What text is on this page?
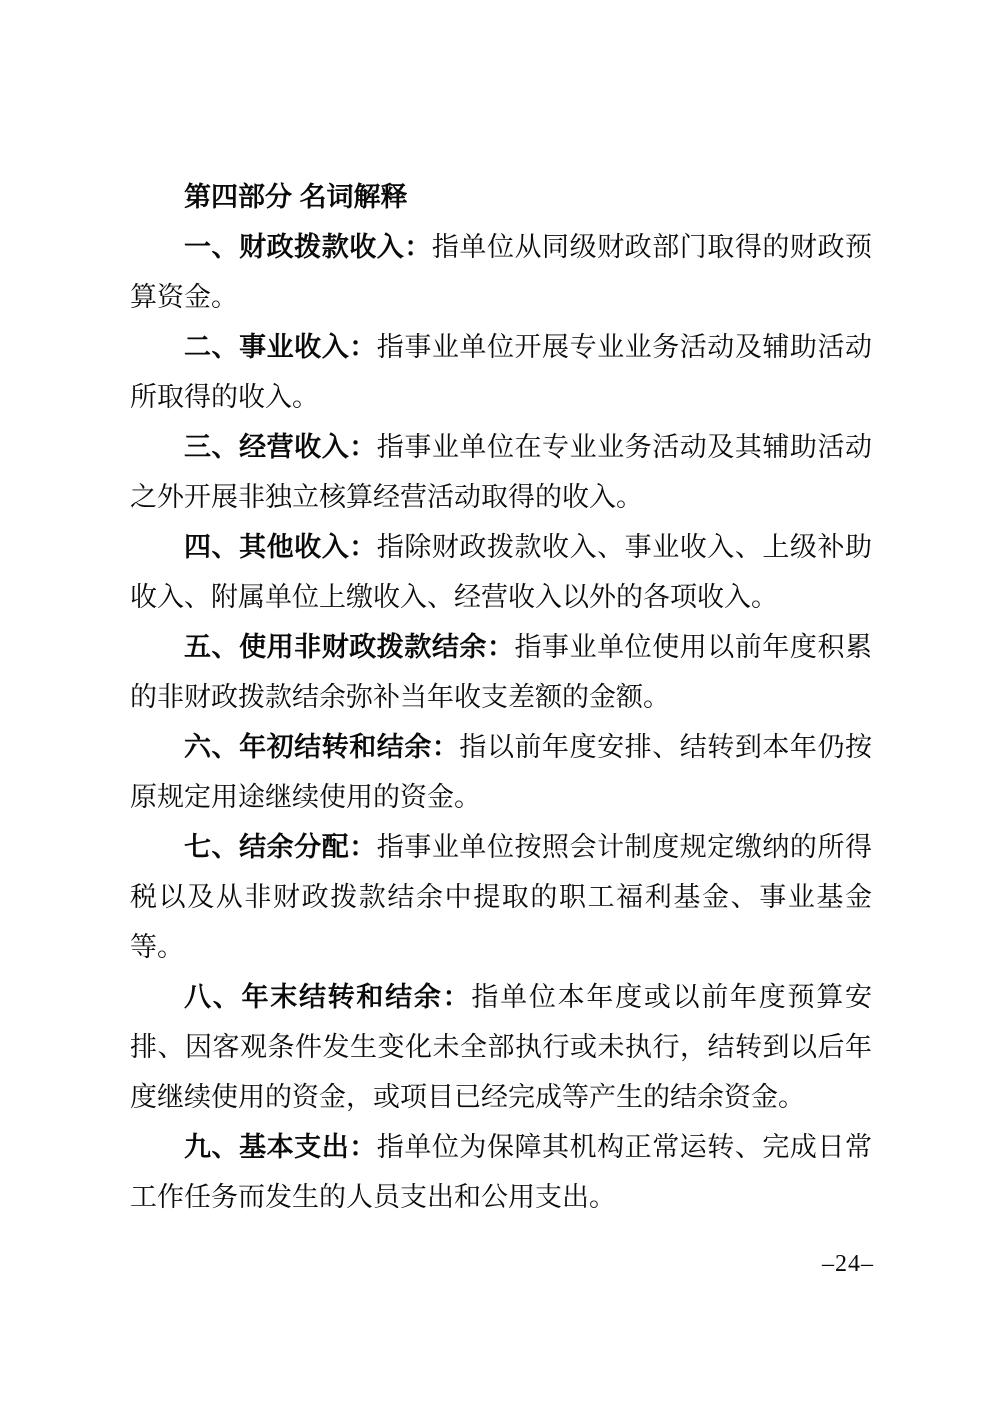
第四部分 名词解释

一、财政拨款收入：指单位从同级财政部门取得的财政预算资金。

二、事业收入：指事业单位开展专业业务活动及辅助活动所取得的收入。

三、经营收入：指事业单位在专业业务活动及其辅助活动之外开展非独立核算经营活动取得的收入。

四、其他收入：指除财政拨款收入、事业收入、上级补助收入、附属单位上缴收入、经营收入以外的各项收入。

五、使用非财政拨款结余：指事业单位使用以前年度积累的非财政拨款结余弥补当年收支差额的金额。

六、年初结转和结余：指以前年度安排、结转到本年仍按原规定用途继续使用的资金。

七、结余分配：指事业单位按照会计制度规定缴纳的所得税以及从非财政拨款结余中提取的职工福利基金、事业基金等。

八、年末结转和结余：指单位本年度或以前年度预算安排、因客观条件发生变化未全部执行或未执行，结转到以后年度继续使用的资金，或项目已经完成等产生的结余资金。

九、基本支出：指单位为保障其机构正常运转、完成日常工作任务而发生的人员支出和公用支出。

–24–
